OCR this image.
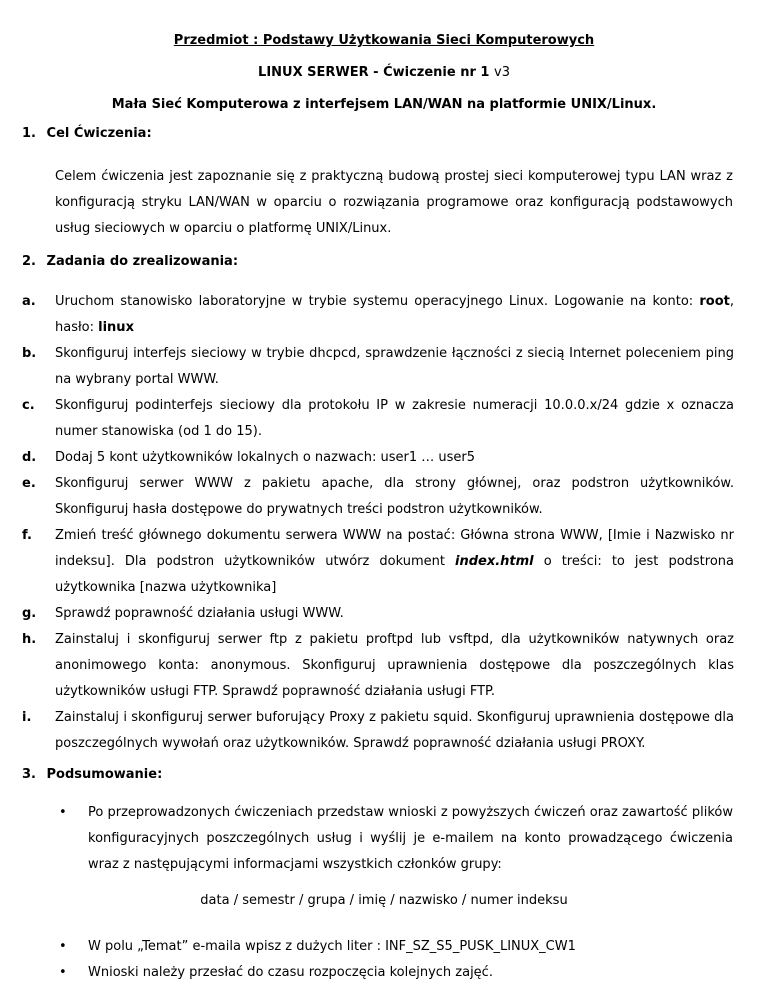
Przedmiot : Podstawy Użytkowania Sieci Komputerowych
LINUX SERWER - Ćwiczenie nr 1 v3
Mała Sieć Komputerowa z interfejsem LAN/WAN na platformie UNIX/Linux.
1. Cel Ćwiczenia:
Celem ćwiczenia jest zapoznanie się z praktyczną budową prostej sieci komputerowej typu LAN wraz z konfiguracją stryku LAN/WAN w oparciu o rozwiązania programowe oraz konfiguracją podstawowych usług sieciowych w oparciu o platformę UNIX/Linux.
2. Zadania do zrealizowania:
a. Uruchom stanowisko laboratoryjne w trybie systemu operacyjnego Linux. Logowanie na konto: root, hasło: linux
b. Skonfiguruj interfejs sieciowy w trybie dhcpcd, sprawdzenie łączności z siecią Internet poleceniem ping na wybrany portal WWW.
c. Skonfiguruj podinterfejs sieciowy dla protokołu IP w zakresie numeracji 10.0.0.x/24 gdzie x oznacza numer stanowiska (od 1 do 15).
d. Dodaj 5 kont użytkowników lokalnych o nazwach: user1 … user5
e. Skonfiguruj serwer WWW z pakietu apache, dla strony głównej, oraz podstron użytkowników. Skonfiguruj hasła dostępowe do prywatnych treści podstron użytkowników.
f. Zmień treść głównego dokumentu serwera WWW na postać: Główna strona WWW, [Imie i Nazwisko nr indeksu]. Dla podstron użytkowników utwórz dokument index.html o treści: to jest podstrona użytkownika [nazwa użytkownika]
g. Sprawdź poprawność działania usługi WWW.
h. Zainstaluj i skonfiguruj serwer ftp z pakietu proftpd lub vsftpd, dla użytkowników natywnych oraz anonimowego konta: anonymous. Skonfiguruj uprawnienia dostępowe dla poszczególnych klas użytkowników usługi FTP. Sprawdź poprawność działania usługi FTP.
i. Zainstaluj i skonfiguruj serwer buforujący Proxy z pakietu squid. Skonfiguruj uprawnienia dostępowe dla poszczególnych wywołań oraz użytkowników. Sprawdź poprawność działania usługi PROXY.
3. Podsumowanie:
• Po przeprowadzonych ćwiczeniach przedstaw wnioski z powyższych ćwiczeń oraz zawartość plików konfiguracyjnych poszczególnych usług i wyślij je e-mailem na konto prowadzącego ćwiczenia wraz z następującymi informacjami wszystkich członków grupy:
data / semestr / grupa / imię / nazwisko / numer indeksu
• W polu „Temat” e-maila wpisz z dużych liter : INF_SZ_S5_PUSK_LINUX_CW1
• Wnioski należy przesłać do czasu rozpoczęcia kolejnych zajęć.
